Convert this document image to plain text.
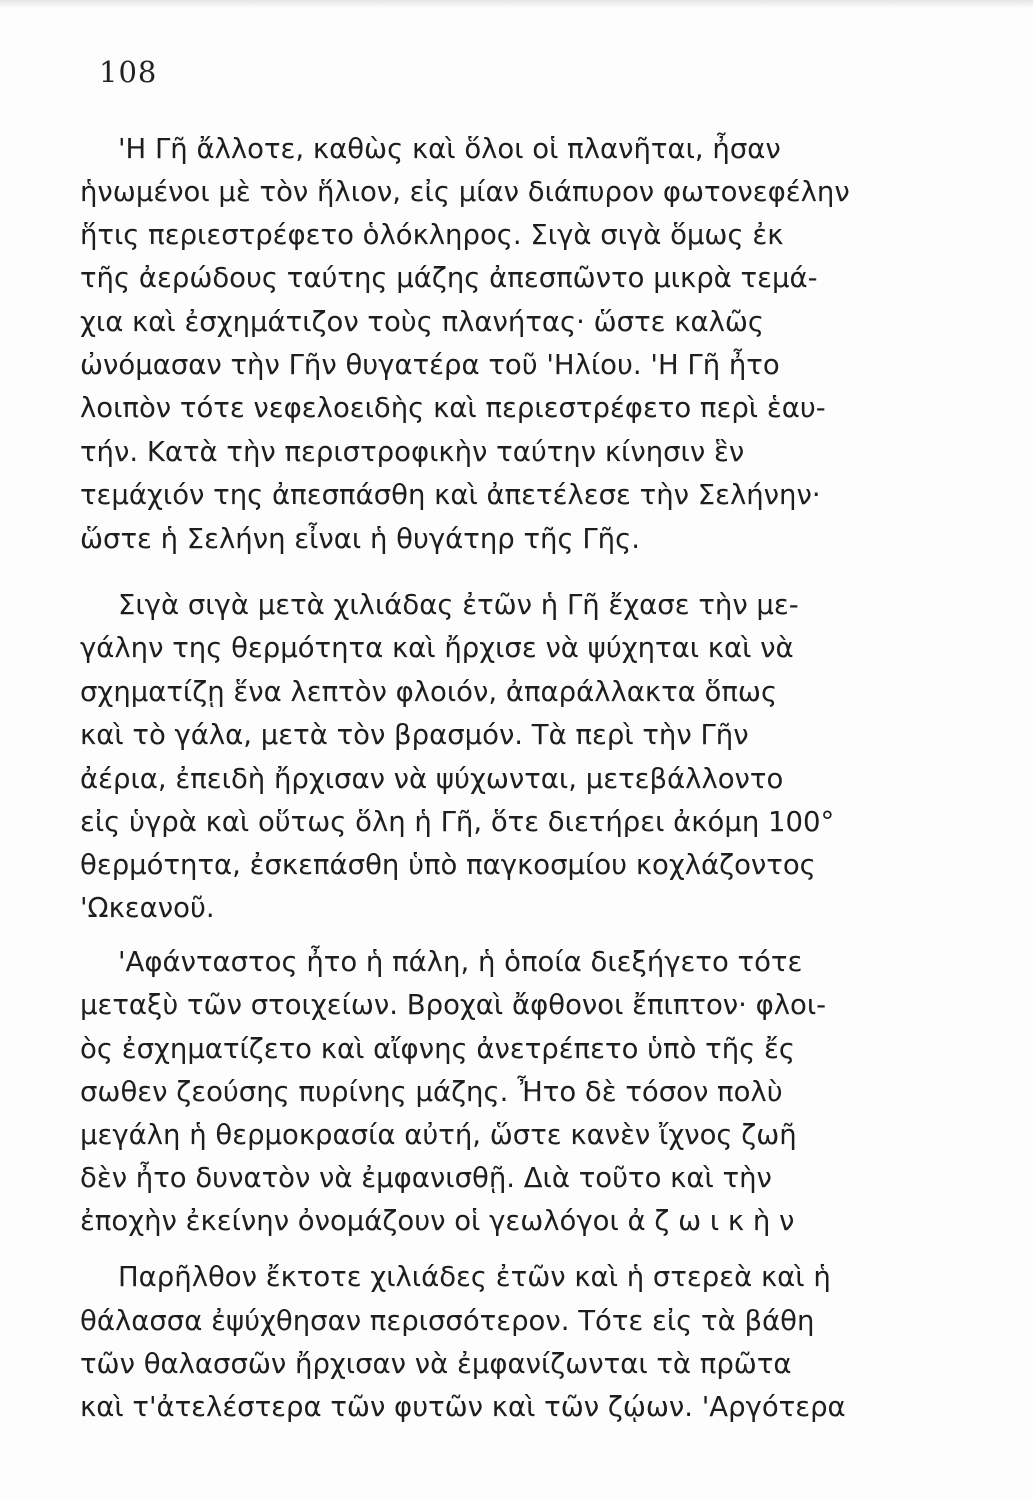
108
'Η Γῆ ἄλλοτε, καθὼς καὶ ὅλοι οἱ πλανῆται, ἦσαν
ἡνωμένοι μὲ τὸν ἥλιον, εἰς μίαν διάπυρον φωτονεφέλην
ἥτις περιεστρέφετο ὁλόκληρος. Σιγὰ σιγὰ ὅμως ἐκ
τῆς ἀερώδους ταύτης μάζης ἀπεσπῶντο μικρὰ τεμά-
χια καὶ ἐσχημάτιζον τοὺς πλανήτας· ὥστε καλῶς
ὠνόμασαν τὴν Γῆν θυγατέρα τοῦ 'Ηλίου. 'Η Γῆ ἦτο
λοιπὸν τότε νεφελοειδὴς καὶ περιεστρέφετο περὶ ἑαυ-
τήν. Κατὰ τὴν περιστροφικὴν ταύτην κίνησιν ἓν
τεμάχιόν της ἀπεσπάσθη καὶ ἀπετέλεσε τὴν Σελήνην·
ὥστε ἡ Σελήνη εἶναι ἡ θυγάτηρ τῆς Γῆς.
Σιγὰ σιγὰ μετὰ χιλιάδας ἐτῶν ἡ Γῆ ἔχασε τὴν με-
γάλην της θερμότητα καὶ ἤρχισε νὰ ψύχηται καὶ νὰ
σχηματίζῃ ἕνα λεπτὸν φλοιόν, ἀπαράλλακτα ὅπως
καὶ τὸ γάλα, μετὰ τὸν βρασμόν. Τὰ περὶ τὴν Γῆν
ἀέρια, ἐπειδὴ ἤρχισαν νὰ ψύχωνται, μετεβάλλοντο
εἰς ὑγρὰ καὶ οὕτως ὅλη ἡ Γῆ, ὅτε διετήρει ἀκόμη 100°
θερμότητα, ἐσκεπάσθη ὑπὸ παγκοσμίου κοχλάζοντος
'Ωκεανοῦ.
'Αφάνταστος ἦτο ἡ πάλη, ἡ ὁποία διεξήγετο τότε
μεταξὺ τῶν στοιχείων. Βροχαὶ ἄφθονοι ἔπιπτον· φλοι-
ὸς ἐσχηματίζετο καὶ αἴφνης ἀνετρέπετο ὑπὸ τῆς ἔς
σωθεν ζεούσης πυρίνης μάζης. Ἦτο δὲ τόσον πολὺ
μεγάλη ἡ θερμοκρασία αὐτή, ὥστε κανὲν ἴχνος ζωῆ
δὲν ἦτο δυνατὸν νὰ ἐμφανισθῇ. Διὰ τοῦτο καὶ τὴν
ἐποχὴν ἐκείνην ὀνομάζουν οἱ γεωλόγοι ἀ ζ ω ι κ ὴ ν
Παρῆλθον ἔκτοτε χιλιάδες ἐτῶν καὶ ἡ στερεὰ καὶ ἡ
θάλασσα ἐψύχθησαν περισσότερον. Τότε εἰς τὰ βάθη
τῶν θαλασσῶν ἤρχισαν νὰ ἐμφανίζωνται τὰ πρῶτα
καὶ τ'ἀτελέστερα τῶν φυτῶν καὶ τῶν ζῴων. 'Αργότερα
